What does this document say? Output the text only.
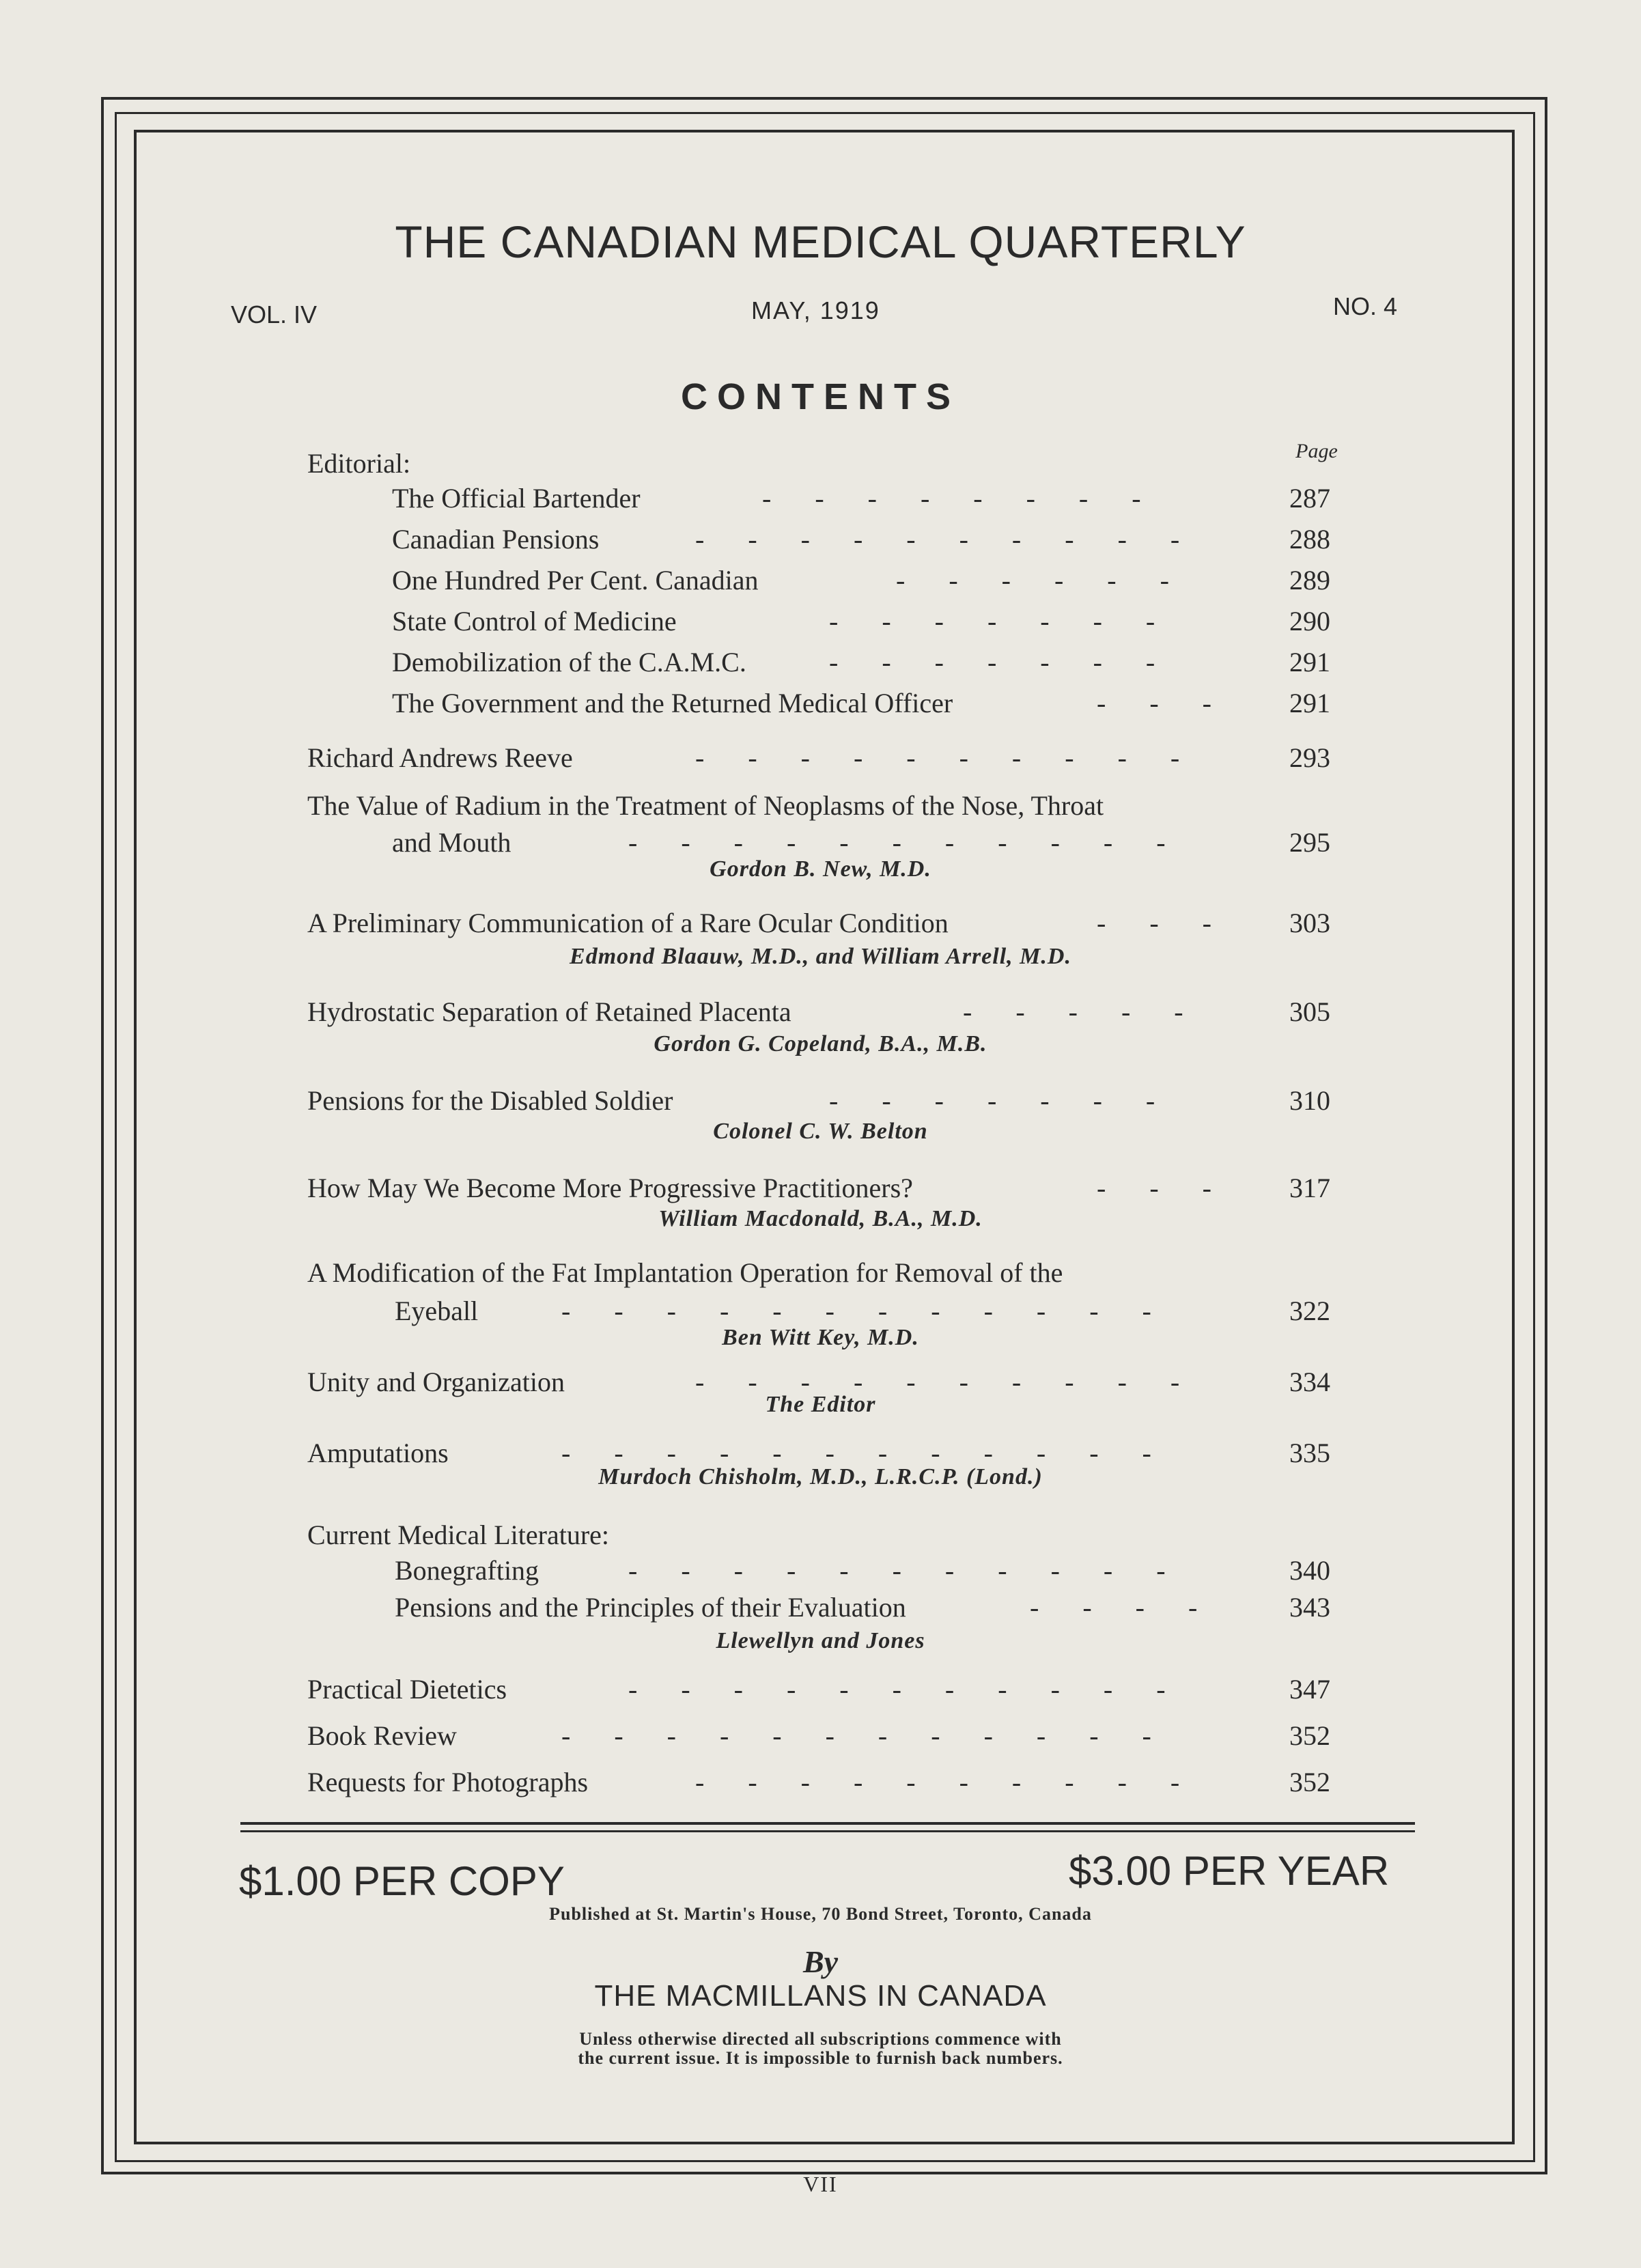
THE CANADIAN MEDICAL QUARTERLY
VOL. IV	MAY, 1919	NO. 4
CONTENTS
Page
Editorial:
The Official Bartender	- - - - - - - -	287
Canadian Pensions	- - - - - - - - - -	288
One Hundred Per Cent. Canadian	- - - - - -	289
State Control of Medicine	- - - - - - -	290
Demobilization of the C.A.M.C.	- - - - - - -	291
The Government and the Returned Medical Officer	- - - 291
Richard Andrews Reeve	- - - - - - - - - -	293
The Value of Radium in the Treatment of Neoplasms of the Nose, Throat
and Mouth	- - - - - - - - - - -	295
Gordon B. New, M.D.
A Preliminary Communication of a Rare Ocular Condition	- - - 303
Edmond Blaauw, M.D., and William Arrell, M.D.
Hydrostatic Separation of Retained Placenta	- - - - -	305
Gordon G. Copeland, B.A., M.B.
Pensions for the Disabled Soldier	- - - - - - -	310
Colonel C. W. Belton
How May We Become More Progressive Practitioners?	- - - 317
William Macdonald, B.A., M.D.
A Modification of the Fat Implantation Operation for Removal of the
Eyeball	- - - - - - - - - - - -	322
Ben Witt Key, M.D.
Unity and Organization	- - - - - - - - - -	334
The Editor
Amputations	- - - - - - - - - - - -	335
Murdoch Chisholm, M.D., L.R.C.P. (Lond.)
Current Medical Literature:
Bonegrafting	- - - - - - - - - - -	340
Pensions and the Principles of their Evaluation	- - - -	343
Llewellyn and Jones
Practical Dietetics	- - - - - - - - - - -	347
Book Review	- - - - - - - - - - - -	352
Requests for Photographs	- - - - - - - - - -	352
$1.00 PER COPY	$3.00 PER YEAR
Published at St. Martin's House, 70 Bond Street, Toronto, Canada
By
THE MACMILLANS IN CANADA
Unless otherwise directed all subscriptions commence with
the current issue. It is impossible to furnish back numbers.
VII
